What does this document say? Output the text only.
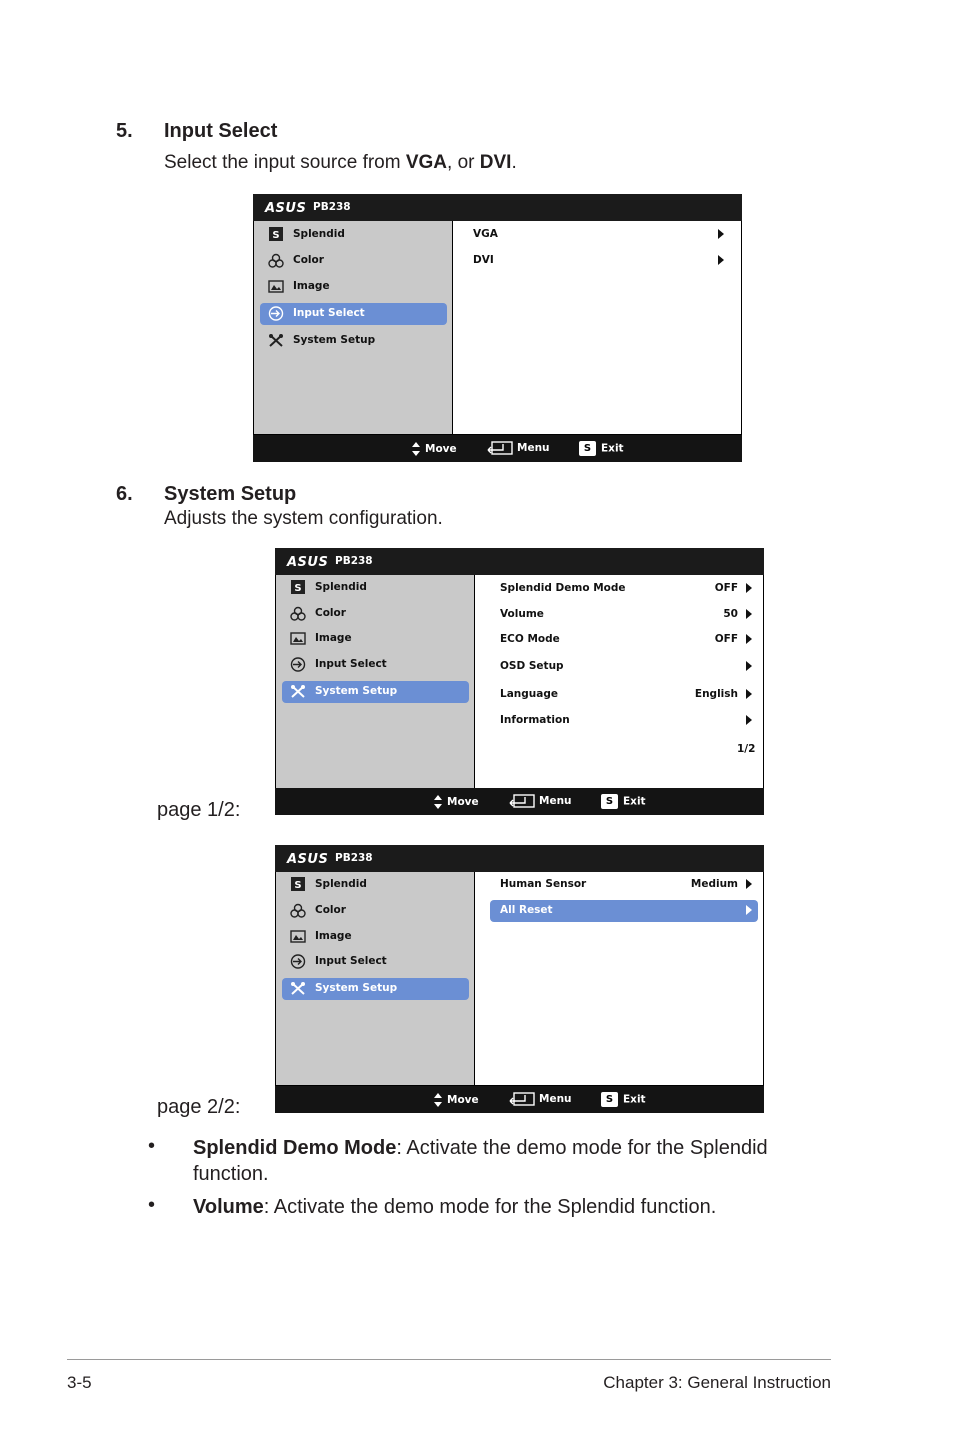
5. Input Select
Select the input source from VGA, or DVI.
ASUS PB238
S Splendid
Color
Image
Input Select
System Setup
VGA
DVI
Move	Menu	S Exit
6. System Setup
Adjusts the system configuration.
ASUS PB238
S Splendid
Color
Image
Input Select
System Setup
Splendid Demo Mode	OFF
Volume	50
ECO Mode	OFF
OSD Setup
Language	English
Information
1/2
Move	Menu	S Exit
page 1/2:
ASUS PB238
S Splendid
Color
Image
Input Select
System Setup
Human Sensor	Medium
All Reset
Move	Menu	S Exit
page 2/2:
• Splendid Demo Mode: Activate the demo mode for the Splendid
function.
• Volume: Activate the demo mode for the Splendid function.
3-5	Chapter 3: General Instruction
